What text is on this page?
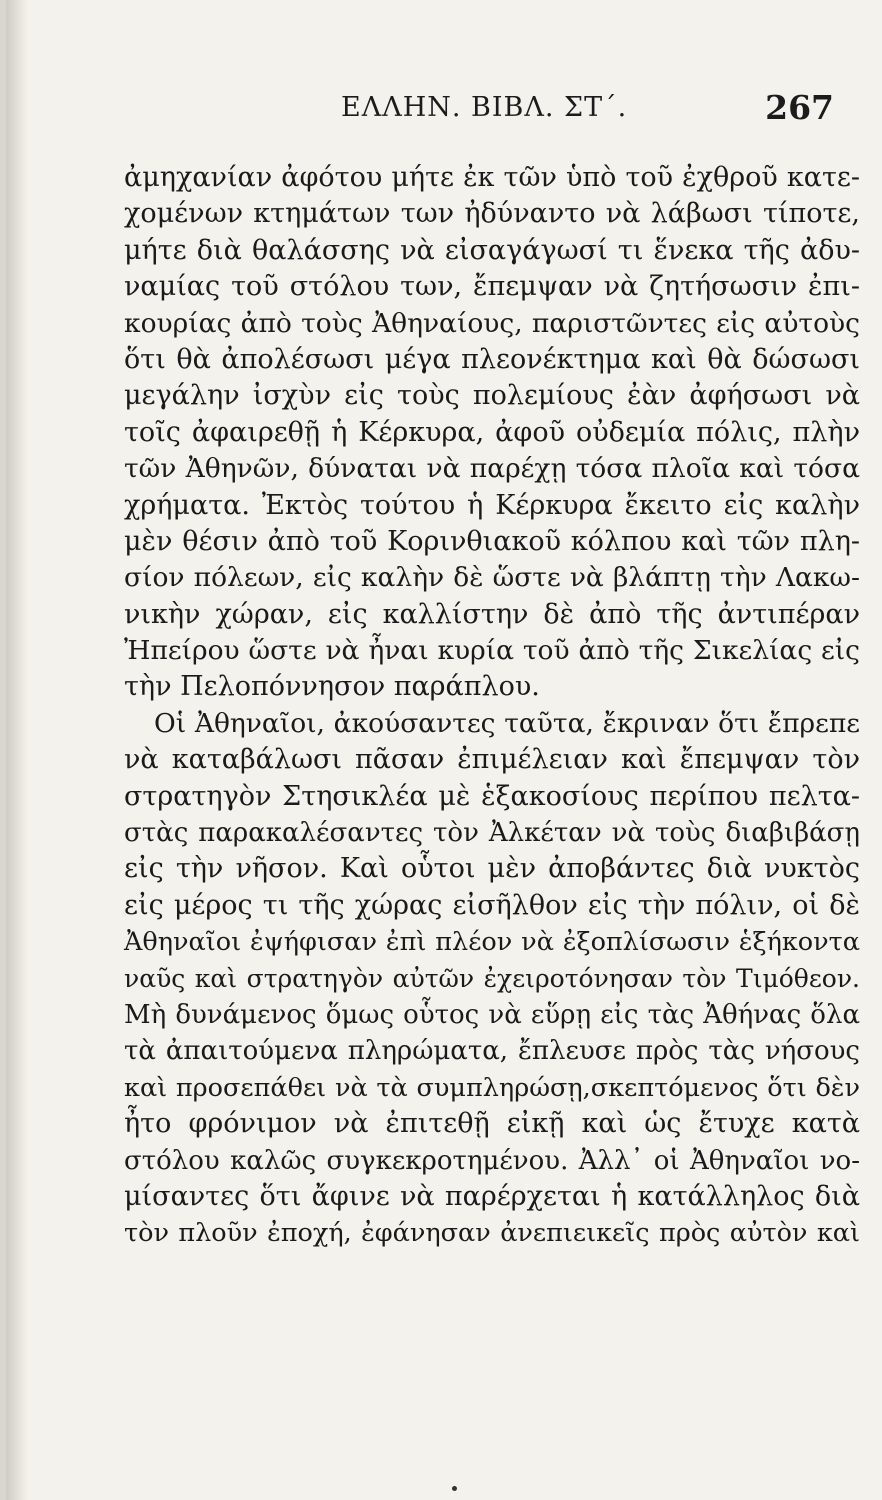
ΕΛΛΗΝ. ΒΙΒΛ. ΣΤ΄.	267
ἀμηχανίαν ἀφότου μήτε ἐκ τῶν ὑπὸ τοῦ ἐχθροῦ κατε-
χομένων κτημάτων των ἠδύναντο νὰ λάβωσι τίποτε,
μήτε διὰ θαλάσσης νὰ εἰσαγάγωσί τι ἕνεκα τῆς ἀδυ-
ναμίας τοῦ στόλου των, ἔπεμψαν νὰ ζητήσωσιν ἐπι-
κουρίας ἀπὸ τοὺς Ἀθηναίους, παριστῶντες εἰς αὐτοὺς
ὅτι θὰ ἀπολέσωσι μέγα πλεονέκτημα καὶ θὰ δώσωσι
μεγάλην ἰσχὺν εἰς τοὺς πολεμίους ἐὰν ἀφήσωσι νὰ
τοῖς ἀφαιρεθῇ ἡ Κέρκυρα, ἀφοῦ οὐδεμία πόλις, πλὴν
τῶν Ἀθηνῶν, δύναται νὰ παρέχῃ τόσα πλοῖα καὶ τόσα
χρήματα. Ἐκτὸς τούτου ἡ Κέρκυρα ἔκειτο εἰς καλὴν
μὲν θέσιν ἀπὸ τοῦ Κορινθιακοῦ κόλπου καὶ τῶν πλη-
σίον πόλεων, εἰς καλὴν δὲ ὥστε νὰ βλάπτῃ τὴν Λακω-
νικὴν χώραν, εἰς καλλίστην δὲ ἀπὸ τῆς ἀντιπέραν
Ἠπείρου ὥστε νὰ ἦναι κυρία τοῦ ἀπὸ τῆς Σικελίας εἰς
τὴν Πελοπόννησον παράπλου.
Οἱ Ἀθηναῖοι, ἀκούσαντες ταῦτα, ἔκριναν ὅτι ἔπρεπε
νὰ καταβάλωσι πᾶσαν ἐπιμέλειαν καὶ ἔπεμψαν τὸν
στρατηγὸν Στησικλέα μὲ ἑξακοσίους περίπου πελτα-
στὰς παρακαλέσαντες τὸν Ἀλκέταν νὰ τοὺς διαβιβάσῃ
εἰς τὴν νῆσον. Καὶ οὗτοι μὲν ἀποβάντες διὰ νυκτὸς
εἰς μέρος τι τῆς χώρας εἰσῆλθον εἰς τὴν πόλιν, οἱ δὲ
Ἀθηναῖοι ἐψήφισαν ἐπὶ πλέον νὰ ἐξοπλίσωσιν ἑξήκοντα
ναῦς καὶ στρατηγὸν αὐτῶν ἐχειροτόνησαν τὸν Τιμόθεον.
Μὴ δυνάμενος ὅμως οὗτος νὰ εὕρῃ εἰς τὰς Ἀθήνας ὅλα
τὰ ἀπαιτούμενα πληρώματα, ἔπλευσε πρὸς τὰς νήσους
καὶ προσεπάθει νὰ τὰ συμπληρώσῃ,σκεπτόμενος ὅτι δὲν
ἦτο φρόνιμον νὰ ἐπιτεθῇ εἰκῇ καὶ ὡς ἔτυχε κατὰ
στόλου καλῶς συγκεκροτημένου. Ἀλλ᾽ οἱ Ἀθηναῖοι νο-
μίσαντες ὅτι ἄφινε νὰ παρέρχεται ἡ κατάλληλος διὰ
τὸν πλοῦν ἐποχή, ἐφάνησαν ἀνεπιεικεῖς πρὸς αὐτὸν καὶ
